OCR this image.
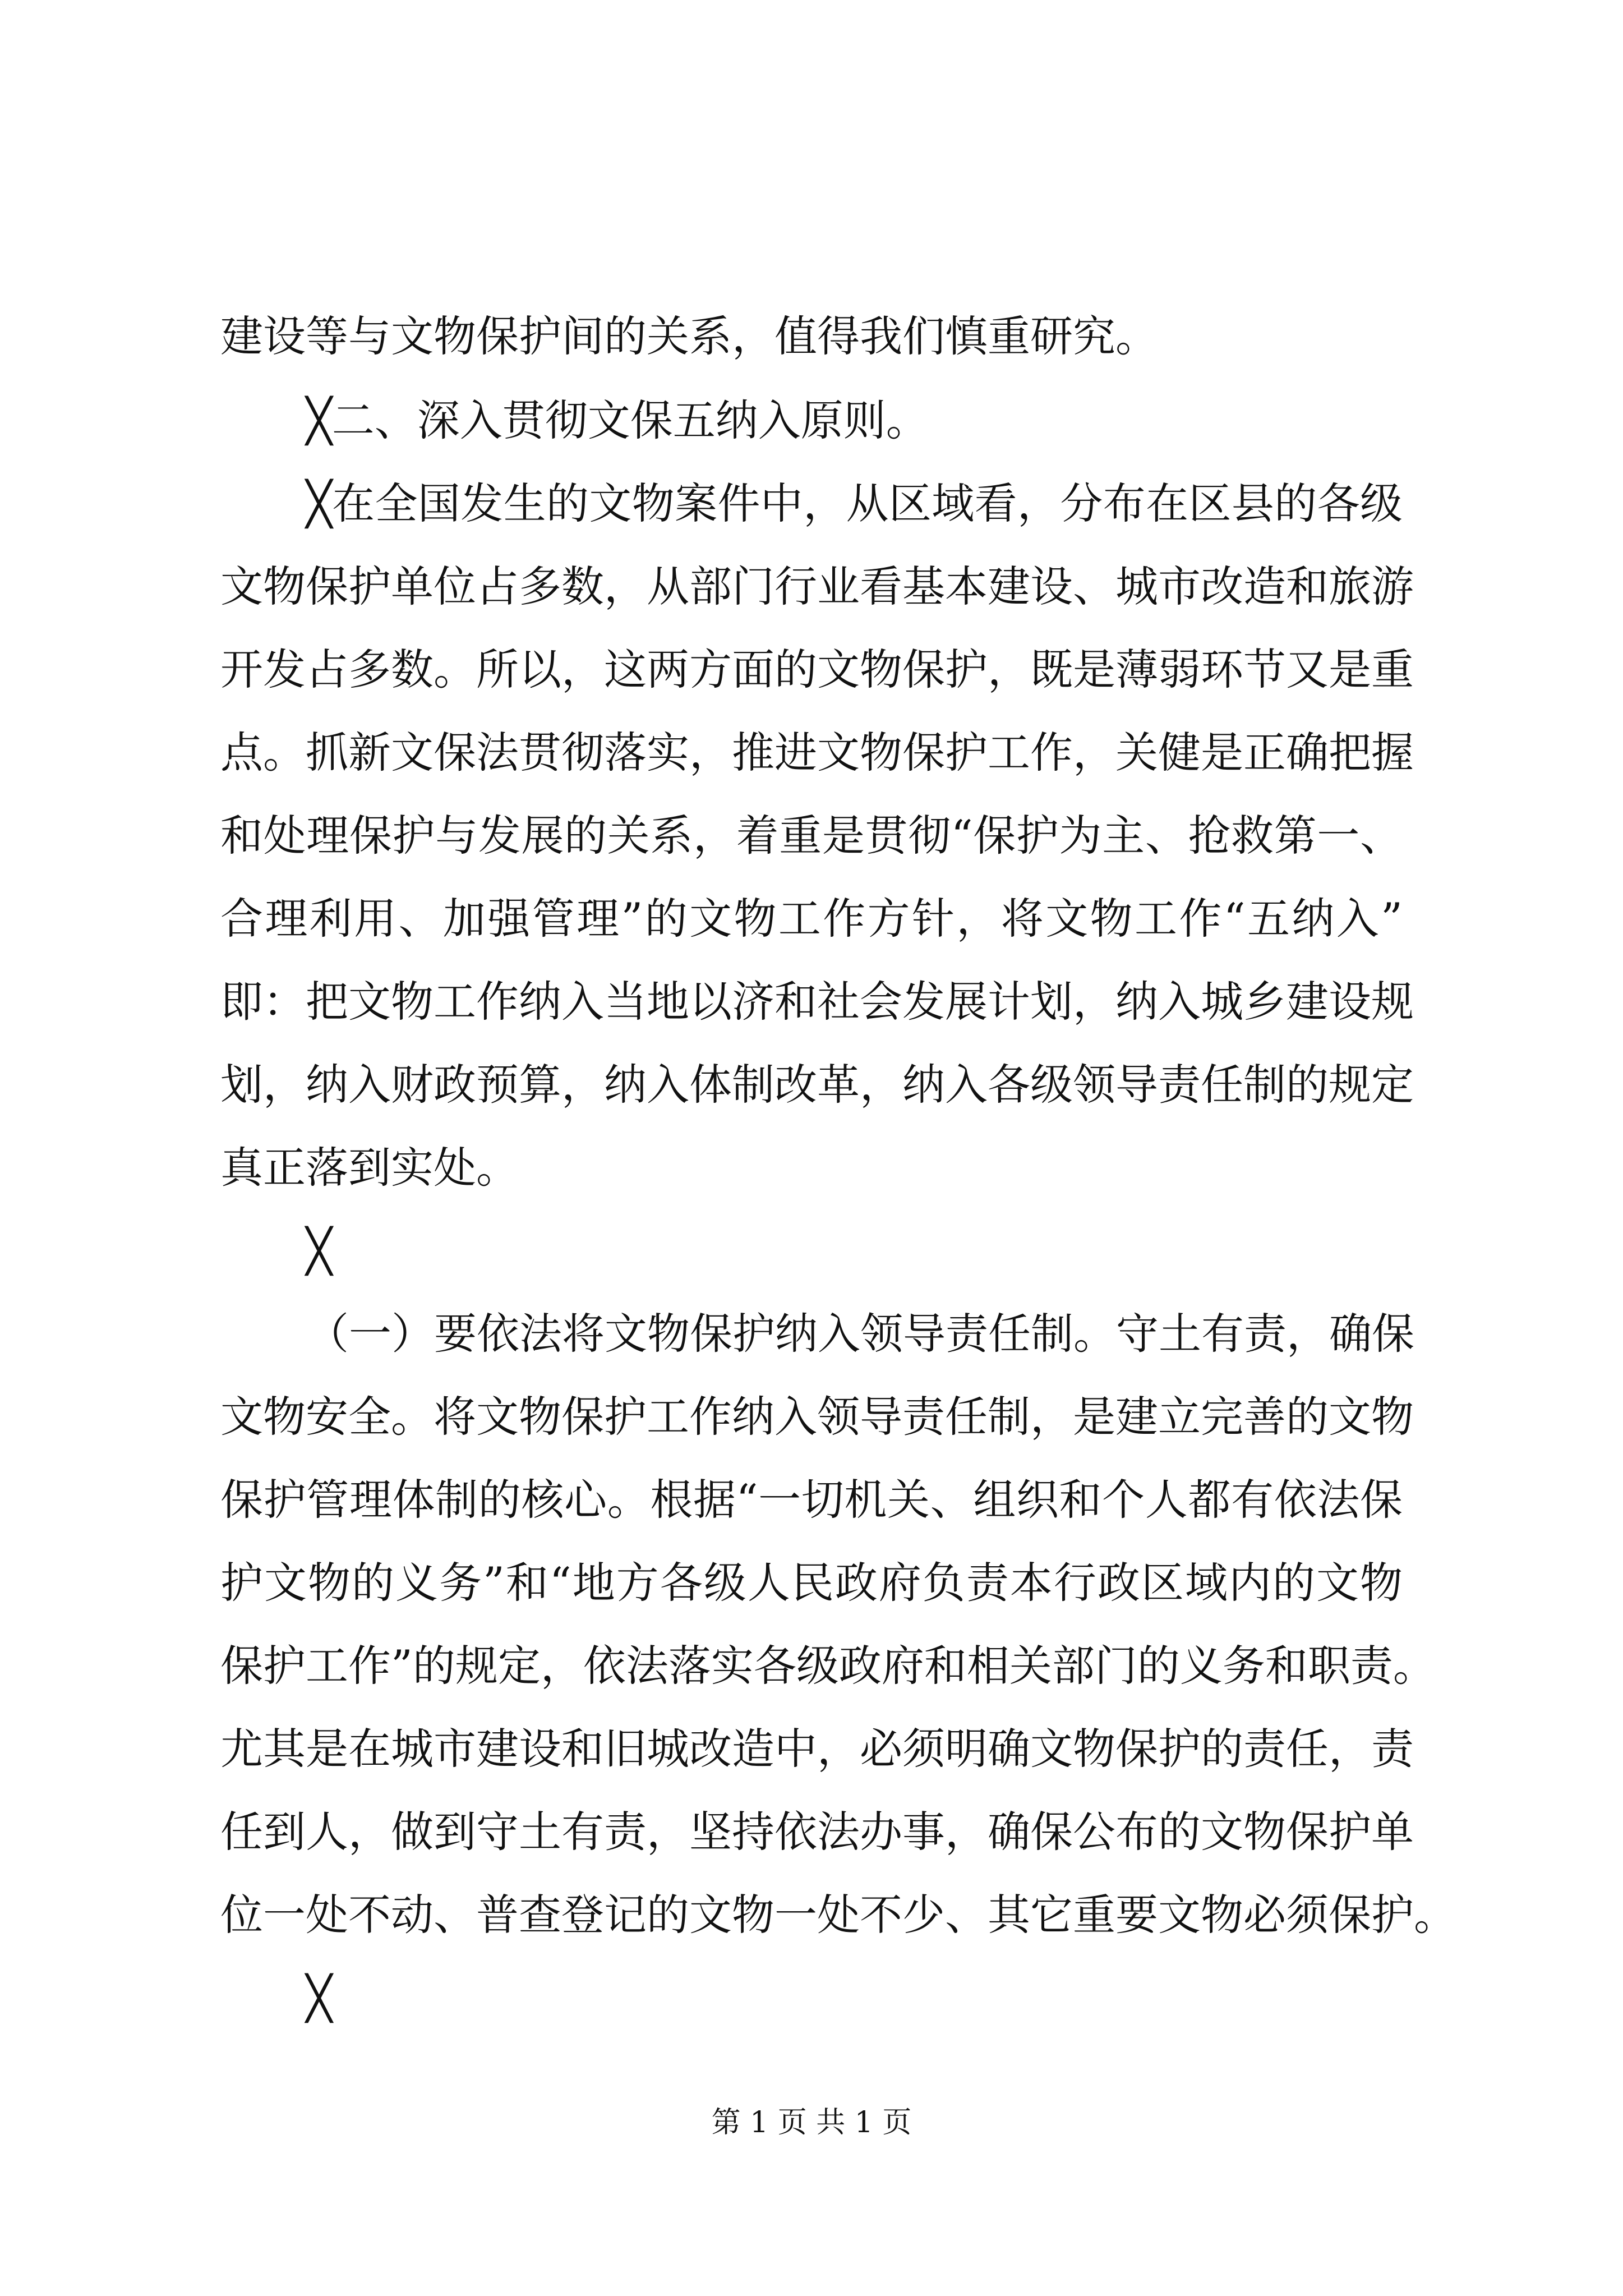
建设等与文物保护间的关系，值得我们慎重研究。

╳二、深入贯彻文保五纳入原则。

╳在全国发生的文物案件中，从区域看，分布在区县的各级

文物保护单位占多数，从部门行业看基本建设、城市改造和旅游

开发占多数。所以，这两方面的文物保护，既是薄弱环节又是重

点。抓新文保法贯彻落实，推进文物保护工作，关健是正确把握

和处理保护与发展的关系，着重是贯彻“保护为主、抢救第一、

合理利用、加强管理”的文物工作方针，将文物工作“五纳入”

即：把文物工作纳入当地以济和社会发展计划，纳入城乡建设规

划，纳入财政预算，纳入体制改革，纳入各级领导责任制的规定

真正落到实处。

╳

（一）要依法将文物保护纳入领导责任制。守土有责，确保

文物安全。将文物保护工作纳入领导责任制，是建立完善的文物

保护管理体制的核心。根据“一切机关、组织和个人都有依法保

护文物的义务”和“地方各级人民政府负责本行政区域内的文物

保护工作”的规定，依法落实各级政府和相关部门的义务和职责。

尤其是在城市建设和旧城改造中，必须明确文物保护的责任，责

任到人，做到守土有责，坚持依法办事，确保公布的文物保护单

位一处不动、普查登记的文物一处不少、其它重要文物必须保护。

╳

第 1 页 共 1 页
